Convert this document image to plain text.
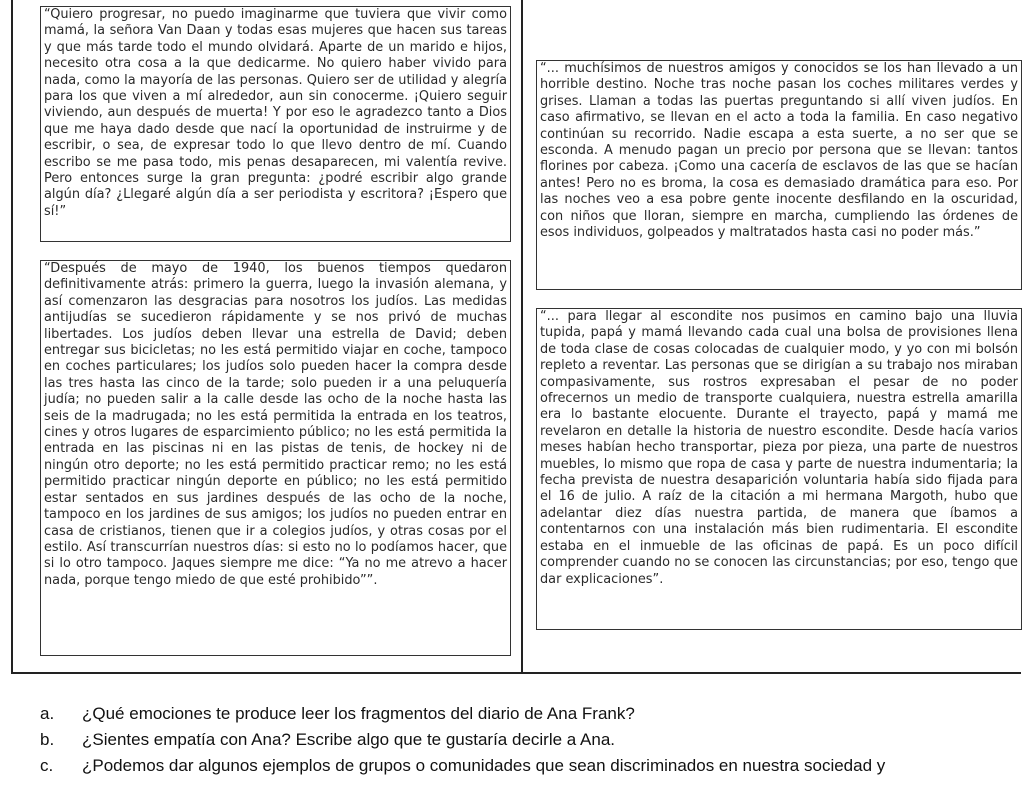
“Quiero progresar, no puedo imaginarme que tuviera que vivir como mamá, la señora Van Daan y todas esas mujeres que hacen sus tareas y que más tarde todo el mundo olvidará. Aparte de un marido e hijos, necesito otra cosa a la que dedicarme. No quiero haber vivido para nada, como la mayoría de las personas. Quiero ser de utilidad y alegría para los que viven a mí alrededor, aun sin conocerme. ¡Quiero seguir viviendo, aun después de muerta! Y por eso le agradezco tanto a Dios que me haya dado desde que nací la oportunidad de instruirme y de escribir, o sea, de expresar todo lo que llevo dentro de mí. Cuando escribo se me pasa todo, mis penas desaparecen, mi valentía revive. Pero entonces surge la gran pregunta: ¿podré escribir algo grande algún día? ¿Llegaré algún día a ser periodista y escritora? ¡Espero que sí!”

“Después de mayo de 1940, los buenos tiempos quedaron definitivamente atrás: primero la guerra, luego la invasión alemana, y así comenzaron las desgracias para nosotros los judíos. Las medidas antijudías se sucedieron rápidamente y se nos privó de muchas libertades. Los judíos deben llevar una estrella de David; deben entregar sus bicicletas; no les está permitido viajar en coche, tampoco en coches particulares; los judíos solo pueden hacer la compra desde las tres hasta las cinco de la tarde; solo pueden ir a una peluquería judía; no pueden salir a la calle desde las ocho de la noche hasta las seis de la madrugada; no les está permitida la entrada en los teatros, cines y otros lugares de esparcimiento público; no les está permitida la entrada en las piscinas ni en las pistas de tenis, de hockey ni de ningún otro deporte; no les está permitido practicar remo; no les está permitido practicar ningún deporte en público; no les está permitido estar sentados en sus jardines después de las ocho de la noche, tampoco en los jardines de sus amigos; los judíos no pueden entrar en casa de cristianos, tienen que ir a colegios judíos, y otras cosas por el estilo. Así transcurrían nuestros días: si esto no lo podíamos hacer, que si lo otro tampoco. Jaques siempre me dice: “Ya no me atrevo a hacer nada, porque tengo miedo de que esté prohibido””.

“... muchísimos de nuestros amigos y conocidos se los han llevado a un horrible destino. Noche tras noche pasan los coches militares verdes y grises. Llaman a todas las puertas preguntando si allí viven judíos. En caso afirmativo, se llevan en el acto a toda la familia. En caso negativo continúan su recorrido. Nadie escapa a esta suerte, a no ser que se esconda. A menudo pagan un precio por persona que se llevan: tantos florines por cabeza. ¡Como una cacería de esclavos de las que se hacían antes! Pero no es broma, la cosa es demasiado dramática para eso. Por las noches veo a esa pobre gente inocente desfilando en la oscuridad, con niños que lloran, siempre en marcha, cumpliendo las órdenes de esos individuos, golpeados y maltratados hasta casi no poder más.”

“... para llegar al escondite nos pusimos en camino bajo una lluvia tupida, papá y mamá llevando cada cual una bolsa de provisiones llena de toda clase de cosas colocadas de cualquier modo, y yo con mi bolsón repleto a reventar. Las personas que se dirigían a su trabajo nos miraban compasivamente, sus rostros expresaban el pesar de no poder ofrecernos un medio de transporte cualquiera, nuestra estrella amarilla era lo bastante elocuente. Durante el trayecto, papá y mamá me revelaron en detalle la historia de nuestro escondite. Desde hacía varios meses habían hecho transportar, pieza por pieza, una parte de nuestros muebles, lo mismo que ropa de casa y parte de nuestra indumentaria; la fecha prevista de nuestra desaparición voluntaria había sido fijada para el 16 de julio. A raíz de la citación a mi hermana Margoth, hubo que adelantar diez días nuestra partida, de manera que íbamos a contentarnos con una instalación más bien rudimentaria. El escondite estaba en el inmueble de las oficinas de papá. Es un poco difícil comprender cuando no se conocen las circunstancias; por eso, tengo que dar explicaciones”.

a. ¿Qué emociones te produce leer los fragmentos del diario de Ana Frank?
b. ¿Sientes empatía con Ana? Escribe algo que te gustaría decirle a Ana.
c. ¿Podemos dar algunos ejemplos de grupos o comunidades que sean discriminados en nuestra sociedad y
